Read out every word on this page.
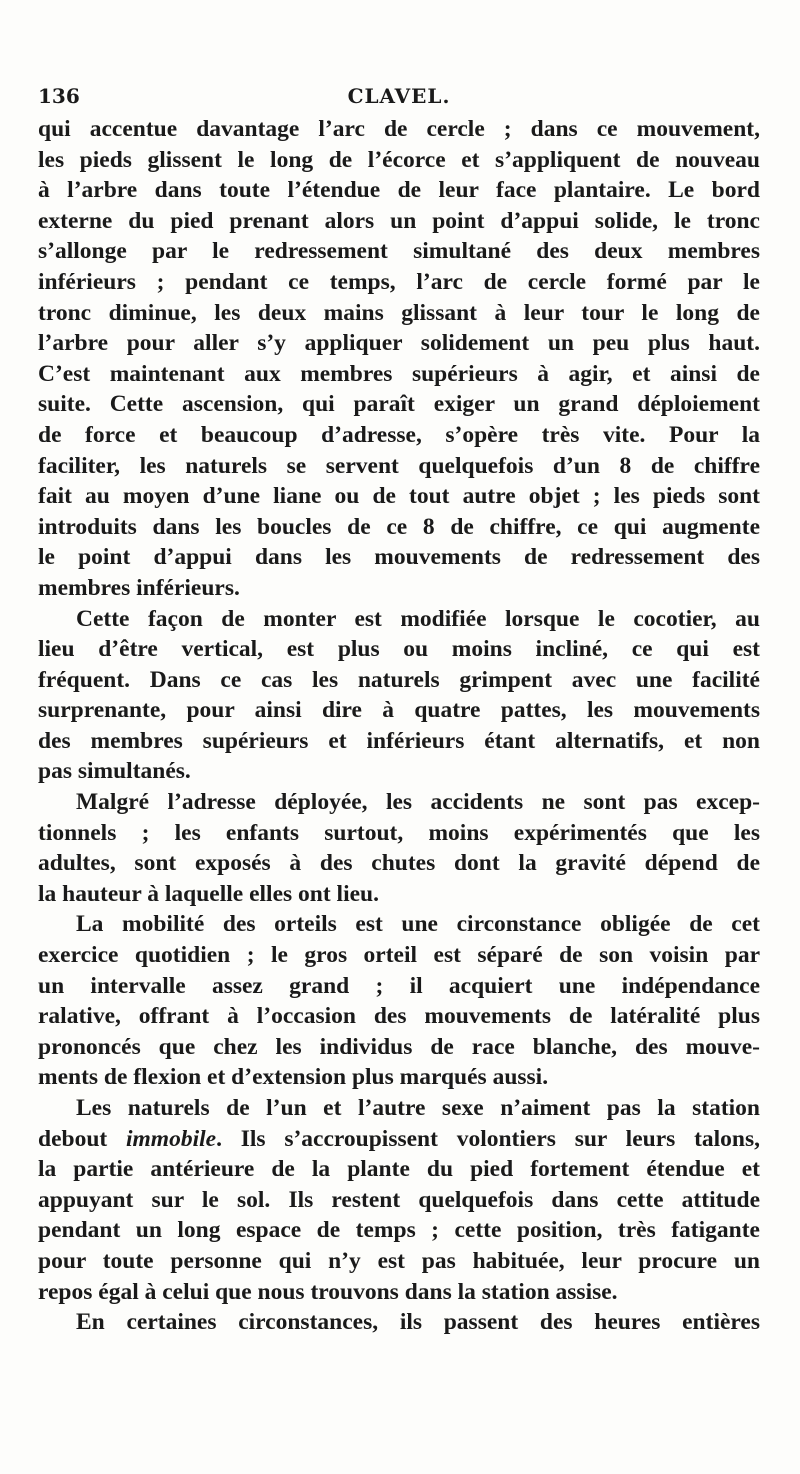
136	CLAVEL.
qui accentue davantage l’arc de cercle ; dans ce mouvement,
les pieds glissent le long de l’écorce et s’appliquent de nouveau
à l’arbre dans toute l’étendue de leur face plantaire. Le bord
externe du pied prenant alors un point d’appui solide, le tronc
s’allonge par le redressement simultané des deux membres
inférieurs ; pendant ce temps, l’arc de cercle formé par le
tronc diminue, les deux mains glissant à leur tour le long de
l’arbre pour aller s’y appliquer solidement un peu plus haut.
C’est maintenant aux membres supérieurs à agir, et ainsi de
suite. Cette ascension, qui paraît exiger un grand déploiement
de force et beaucoup d’adresse, s’opère très vite. Pour la
faciliter, les naturels se servent quelquefois d’un 8 de chiffre
fait au moyen d’une liane ou de tout autre objet ; les pieds sont
introduits dans les boucles de ce 8 de chiffre, ce qui augmente
le point d’appui dans les mouvements de redressement des
membres inférieurs.
Cette façon de monter est modifiée lorsque le cocotier, au
lieu d’être vertical, est plus ou moins incliné, ce qui est
fréquent. Dans ce cas les naturels grimpent avec une facilité
surprenante, pour ainsi dire à quatre pattes, les mouvements
des membres supérieurs et inférieurs étant alternatifs, et non
pas simultanés.
Malgré l’adresse déployée, les accidents ne sont pas excep-
tionnels ; les enfants surtout, moins expérimentés que les
adultes, sont exposés à des chutes dont la gravité dépend de
la hauteur à laquelle elles ont lieu.
La mobilité des orteils est une circonstance obligée de cet
exercice quotidien ; le gros orteil est séparé de son voisin par
un intervalle assez grand ; il acquiert une indépendance
ralative, offrant à l’occasion des mouvements de latéralité plus
prononcés que chez les individus de race blanche, des mouve-
ments de flexion et d’extension plus marqués aussi.
Les naturels de l’un et l’autre sexe n’aiment pas la station
debout immobile. Ils s’accroupissent volontiers sur leurs talons,
la partie antérieure de la plante du pied fortement étendue et
appuyant sur le sol. Ils restent quelquefois dans cette attitude
pendant un long espace de temps ; cette position, très fatigante
pour toute personne qui n’y est pas habituée, leur procure un
repos égal à celui que nous trouvons dans la station assise.
En certaines circonstances, ils passent des heures entières
